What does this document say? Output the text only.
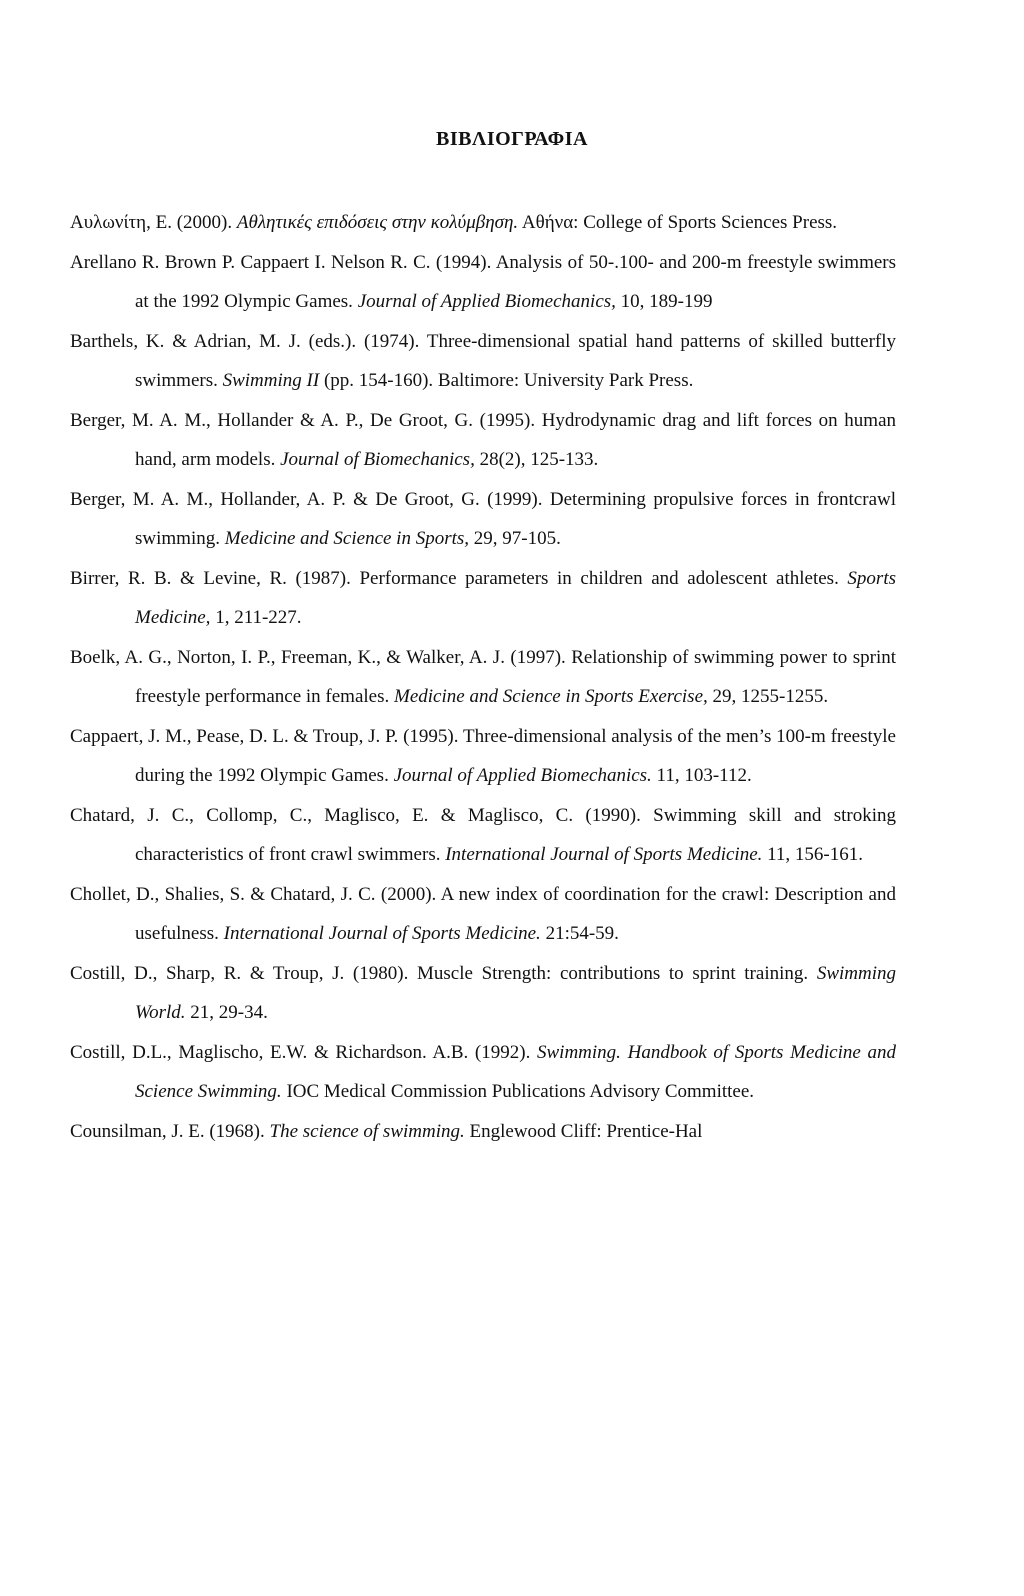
ΒΙΒΛΙΟΓΡΑΦΙΑ
Αυλωνίτη, Ε. (2000). Αθλητικές επιδόσεις στην κολύμβηση. Αθήνα: College of Sports Sciences Press.
Arellano R. Brown P. Cappaert I. Nelson R. C. (1994). Analysis of 50-.100- and 200-m freestyle swimmers at the 1992 Olympic Games. Journal of Applied Biomechanics, 10, 189-199
Barthels, K. & Adrian, M. J. (eds.). (1974). Three-dimensional spatial hand patterns of skilled butterfly swimmers. Swimming II (pp. 154-160). Baltimore: University Park Press.
Berger, M. A. M., Hollander & A. P., De Groot, G. (1995). Hydrodynamic drag and lift forces on human hand, arm models. Journal of Biomechanics, 28(2), 125-133.
Berger, M. A. M., Hollander, A. P. & De Groot, G. (1999). Determining propulsive forces in frontcrawl swimming. Medicine and Science in Sports, 29, 97-105.
Birrer, R. B. & Levine, R. (1987). Performance parameters in children and adolescent athletes. Sports Medicine, 1, 211-227.
Boelk, A. G., Norton, I. P., Freeman, K., & Walker, A. J. (1997). Relationship of swimming power to sprint freestyle performance in females. Medicine and Science in Sports Exercise, 29, 1255-1255.
Cappaert, J. M., Pease, D. L. & Troup, J. P. (1995). Three-dimensional analysis of the men’s 100-m freestyle during the 1992 Olympic Games. Journal of Applied Biomechanics. 11, 103-112.
Chatard, J. C., Collomp, C., Maglisco, E. & Maglisco, C. (1990). Swimming skill and stroking characteristics of front crawl swimmers. International Journal of Sports Medicine. 11, 156-161.
Chollet, D., Shalies, S. & Chatard, J. C. (2000). A new index of coordination for the crawl: Description and usefulness. International Journal of Sports Medicine. 21:54-59.
Costill, D., Sharp, R. & Troup, J. (1980). Muscle Strength: contributions to sprint training. Swimming World. 21, 29-34.
Costill, D.L., Maglischo, E.W. & Richardson. A.B. (1992). Swimming. Handbook of Sports Medicine and Science Swimming. IOC Medical Commission Publications Advisory Committee.
Counsilman, J. E. (1968). The science of swimming. Englewood Cliff: Prentice-Hal
